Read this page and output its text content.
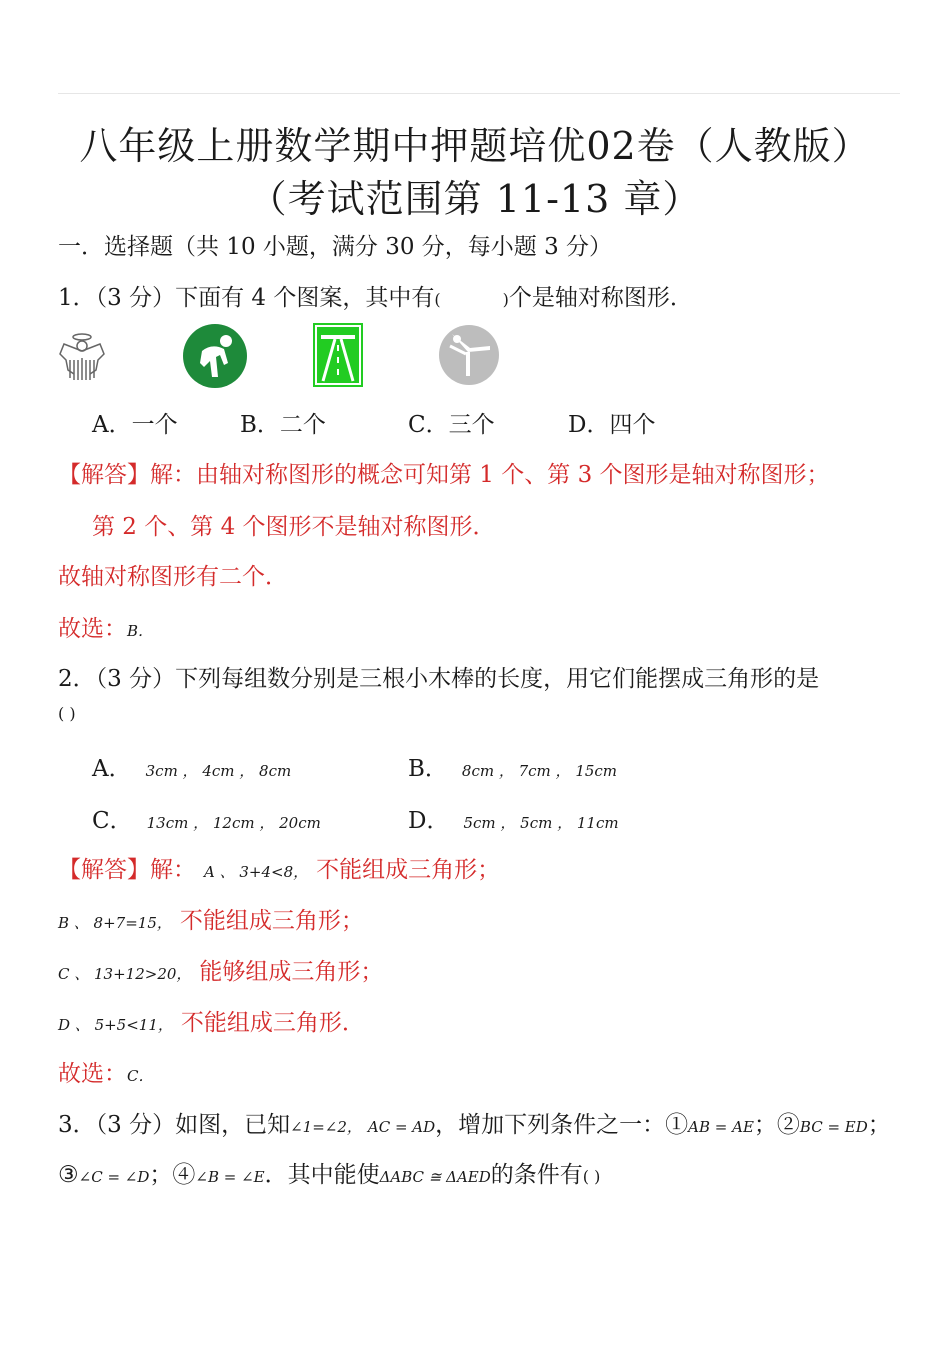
八年级上册数学期中押题培优02卷（人教版）
（考试范围第 11-13 章）
一．选择题（共 10 小题，满分 30 分，每小题 3 分）
1．（3 分）下面有 4 个图案，其中有(	)个是轴对称图形．
A．一个	B．二个	C．三个	D．四个
【解答】解：由轴对称图形的概念可知第 1 个、第 3 个图形是轴对称图形；
第 2 个、第 4 个图形不是轴对称图形．
故轴对称图形有二个．
故选：B．
2．（3 分）下列每组数分别是三根小木棒的长度，用它们能摆成三角形的是
( )
A． 3cm ， 4cm ， 8cm	B． 8cm ， 7cm ， 15cm
C． 13cm ， 12cm ， 20cm	D． 5cm ， 5cm ， 11cm
【解答】解： A 、 3+4<8， 不能组成三角形；
B 、 8+7=15， 不能组成三角形；
C 、 13+12>20， 能够组成三角形；
D 、 5+5<11， 不能组成三角形．
故选：C．
3．（3 分）如图，已知∠1=∠2， AC = AD，增加下列条件之一：①AB = AE；②BC = ED；
③∠C = ∠D；④∠B = ∠E．其中能使ΔABC ≅ ΔAED的条件有( )
